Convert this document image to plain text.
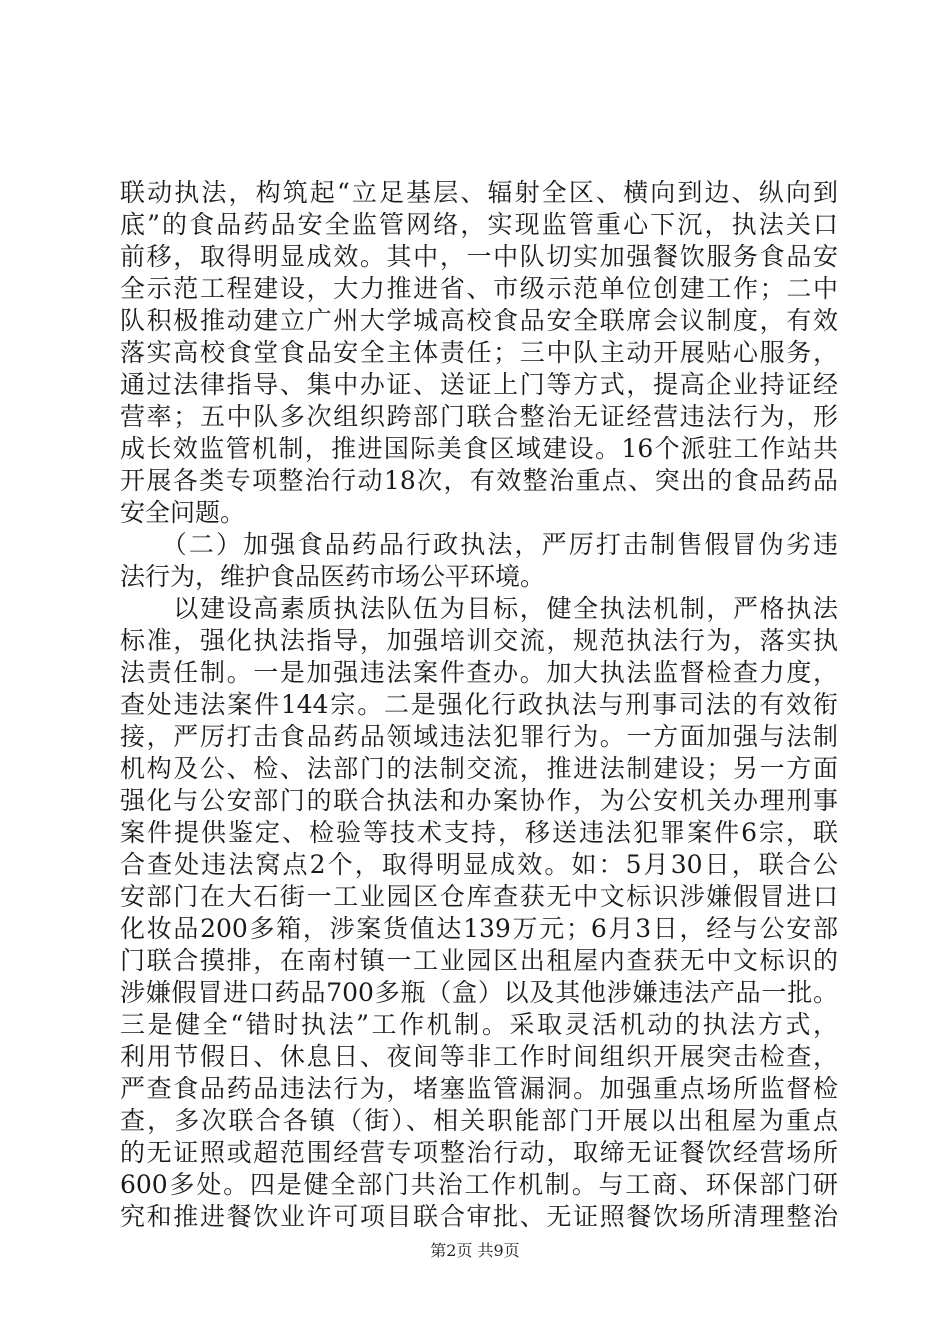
联动执法，构筑起“立足基层、辐射全区、横向到边、纵向到
底”的食品药品安全监管网络，实现监管重心下沉，执法关口
前移，取得明显成效。其中，一中队切实加强餐饮服务食品安
全示范工程建设，大力推进省、市级示范单位创建工作；二中
队积极推动建立广州大学城高校食品安全联席会议制度，有效
落实高校食堂食品安全主体责任；三中队主动开展贴心服务，
通过法律指导、集中办证、送证上门等方式，提高企业持证经
营率；五中队多次组织跨部门联合整治无证经营违法行为，形
成长效监管机制，推进国际美食区域建设。16个派驻工作站共
开展各类专项整治行动18次，有效整治重点、突出的食品药品
安全问题。
　　（二）加强食品药品行政执法，严厉打击制售假冒伪劣违
法行为，维护食品医药市场公平环境。
　　以建设高素质执法队伍为目标，健全执法机制，严格执法
标准，强化执法指导，加强培训交流，规范执法行为，落实执
法责任制。一是加强违法案件查办。加大执法监督检查力度，
查处违法案件144宗。二是强化行政执法与刑事司法的有效衔
接，严厉打击食品药品领域违法犯罪行为。一方面加强与法制
机构及公、检、法部门的法制交流，推进法制建设；另一方面
强化与公安部门的联合执法和办案协作，为公安机关办理刑事
案件提供鉴定、检验等技术支持，移送违法犯罪案件6宗，联
合查处违法窝点2个，取得明显成效。如：5月30日，联合公
安部门在大石街一工业园区仓库查获无中文标识涉嫌假冒进口
化妆品200多箱，涉案货值达139万元；6月3日，经与公安部
门联合摸排，在南村镇一工业园区出租屋内查获无中文标识的
涉嫌假冒进口药品700多瓶（盒）以及其他涉嫌违法产品一批。
三是健全“错时执法”工作机制。采取灵活机动的执法方式，
利用节假日、休息日、夜间等非工作时间组织开展突击检查，
严查食品药品违法行为，堵塞监管漏洞。加强重点场所监督检
查，多次联合各镇（街）、相关职能部门开展以出租屋为重点
的无证照或超范围经营专项整治行动，取缔无证餐饮经营场所
600多处。四是健全部门共治工作机制。与工商、环保部门研
究和推进餐饮业许可项目联合审批、无证照餐饮场所清理整治
第2页 共9页
